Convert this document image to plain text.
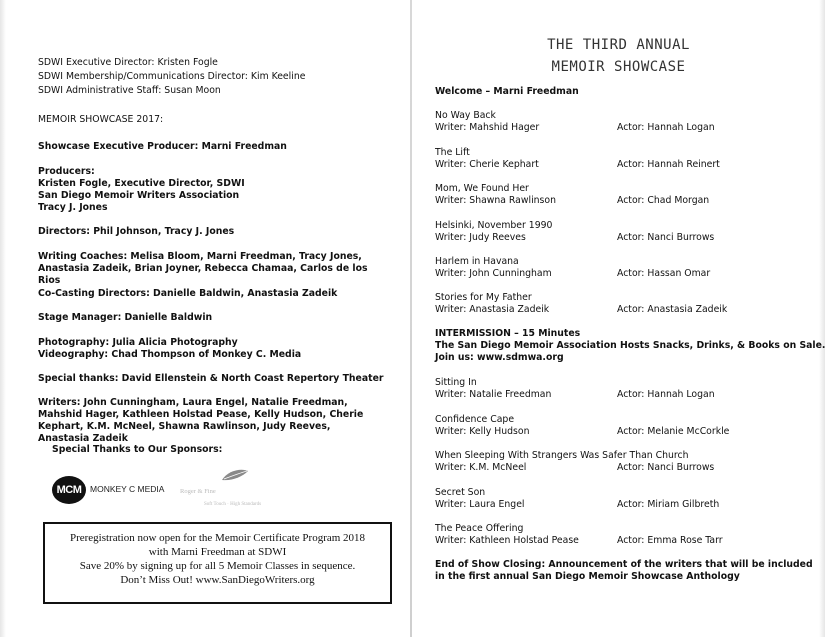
SDWI Executive Director: Kristen Fogle
SDWI Membership/Communications Director: Kim Keeline
SDWI Administrative Staff: Susan Moon
MEMOIR SHOWCASE 2017:
Showcase Executive Producer: Marni Freedman
Producers:
Kristen Fogle, Executive Director, SDWI
San Diego Memoir Writers Association
Tracy J. Jones
Directors: Phil Johnson, Tracy J. Jones
Writing Coaches: Melisa Bloom, Marni Freedman, Tracy Jones, Anastasia Zadeik, Brian Joyner, Rebecca Chamaa, Carlos de los Rios
Co-Casting Directors: Danielle Baldwin, Anastasia Zadeik
Stage Manager: Danielle Baldwin
Photography: Julia Alicia Photography
Videography: Chad Thompson of Monkey C. Media
Special thanks: David Ellenstein & North Coast Repertory Theater
Writers: John Cunningham, Laura Engel, Natalie Freedman, Mahshid Hager, Kathleen Holstad Pease, Kelly Hudson, Cherie Kephart, K.M. McNeel, Shawna Rawlinson, Judy Reeves, Anastasia Zadeik
Special Thanks to Our Sponsors:
MCM	MONKEY C MEDIA Roger & Fine
Soft Touch · High Standards
Preregistration now open for the Memoir Certificate Program 2018
with Marni Freedman at SDWI
Save 20% by signing up for all 5 Memoir Classes in sequence.
Don’t Miss Out! www.SanDiegoWriters.org
THE THIRD ANNUAL
MEMOIR SHOWCASE
Welcome – Marni Freedman
No Way Back
Writer: Mahshid Hager	Actor: Hannah Logan
The Lift
Writer: Cherie Kephart	Actor: Hannah Reinert
Mom, We Found Her
Writer: Shawna Rawlinson	Actor: Chad Morgan
Helsinki, November 1990
Writer: Judy Reeves	Actor: Nanci Burrows
Harlem in Havana
Writer: John Cunningham	Actor: Hassan Omar
Stories for My Father
Writer: Anastasia Zadeik	Actor: Anastasia Zadeik
INTERMISSION – 15 Minutes
The San Diego Memoir Association Hosts Snacks, Drinks, & Books on Sale.
Join us: www.sdmwa.org
Sitting In
Writer: Natalie Freedman	Actor: Hannah Logan
Confidence Cape
Writer: Kelly Hudson	Actor: Melanie McCorkle
When Sleeping With Strangers Was Safer Than Church
Writer: K.M. McNeel	Actor: Nanci Burrows
Secret Son
Writer: Laura Engel	Actor: Miriam Gilbreth
The Peace Offering
Writer: Kathleen Holstad Pease	Actor: Emma Rose Tarr
End of Show Closing: Announcement of the writers that will be included
in the first annual San Diego Memoir Showcase Anthology
